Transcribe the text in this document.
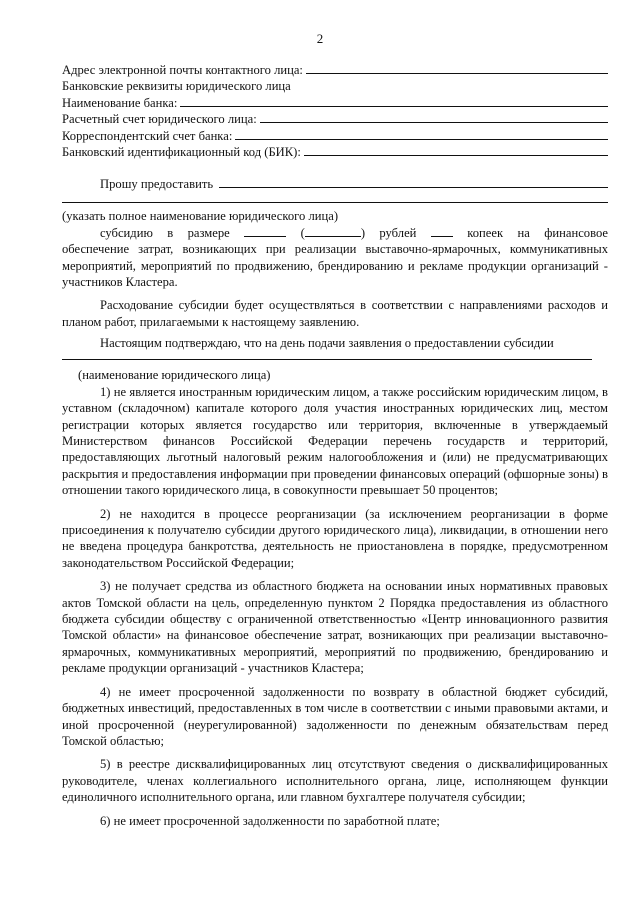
2
Адрес электронной почты контактного лица:
Банковские реквизиты юридического лица
Наименование банка:
Расчетный счет юридического лица:
Корреспондентский счет банка:
Банковский идентификационный код (БИК):
Прошу предоставить
(указать полное наименование юридического лица)
субсидию в размере	(	) рублей	копеек на финансовое

обеспечение затрат, возникающих при реализации выставочно-ярмарочных, коммуникативных мероприятий, мероприятий по продвижению, брендированию и рекламе продукции организаций - участников Кластера.

Расходование субсидии будет осуществляться в соответствии с направлениями расходов и планом работ, прилагаемыми к настоящему заявлению.

Настоящим подтверждаю, что на день подачи заявления о предоставлении субсидии

(наименование юридического лица)

1) не является иностранным юридическим лицом, а также российским юридическим лицом, в уставном (складочном) капитале которого доля участия иностранных юридических лиц, местом регистрации которых является государство или территория, включенные в утверждаемый Министерством финансов Российской Федерации перечень государств и территорий, предоставляющих льготный налоговый режим налогообложения и (или) не предусматривающих раскрытия и предоставления информации при проведении финансовых операций (офшорные зоны) в отношении такого юридического лица, в совокупности превышает 50 процентов;

2) не находится в процессе реорганизации (за исключением реорганизации в форме присоединения к получателю субсидии другого юридического лица), ликвидации, в отношении него не введена процедура банкротства, деятельность не приостановлена в порядке, предусмотренном законодательством Российской Федерации;

3) не получает средства из областного бюджета на основании иных нормативных правовых актов Томской области на цель, определенную пунктом 2 Порядка предоставления из областного бюджета субсидии обществу с ограниченной ответственностью «Центр инновационного развития Томской области» на финансовое обеспечение затрат, возникающих при реализации выставочно-ярмарочных, коммуникативных мероприятий, мероприятий по продвижению, брендированию и рекламе продукции организаций - участников Кластера;

4) не имеет просроченной задолженности по возврату в областной бюджет субсидий, бюджетных инвестиций, предоставленных в том числе в соответствии с иными правовыми актами, и иной просроченной (неурегулированной) задолженности по денежным обязательствам перед Томской областью;

5) в реестре дисквалифицированных лиц отсутствуют сведения о дисквалифицированных руководителе, членах коллегиального исполнительного органа, лице, исполняющем функции единоличного исполнительного органа, или главном бухгалтере получателя субсидии;

6) не имеет просроченной задолженности по заработной плате;
